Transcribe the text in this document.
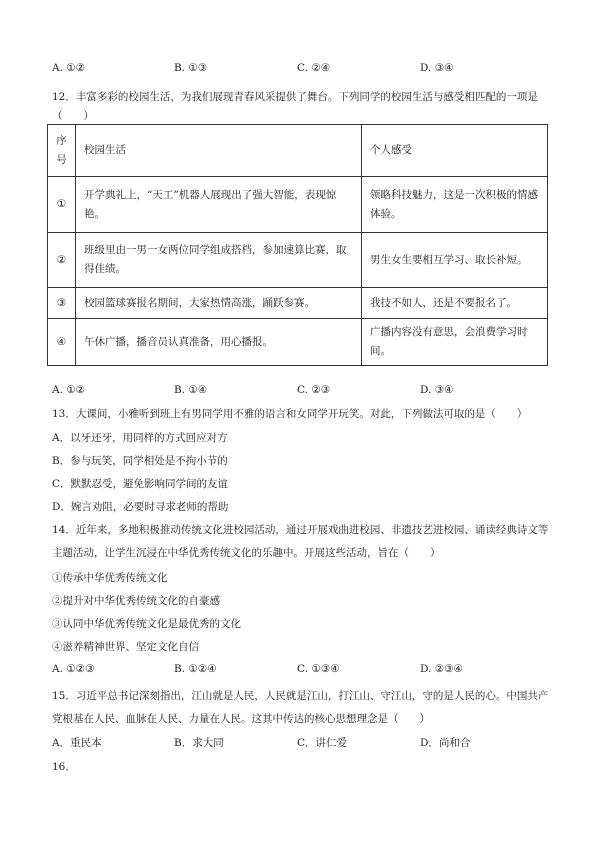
A. ①②	B. ①③	C. ②④	D. ③④
12．丰富多彩的校园生活，为我们展现青春风采提供了舞台。下列同学的校园生活与感受相匹配的一项是
（　　）
序号	校园生活	个人感受
①	开学典礼上，“天工”机器人展现出了强大智能，表现惊艳。	领略科技魅力，这是一次积极的情感体验。
②	班级里由一男一女两位同学组成搭档，参加速算比赛，取得佳绩。	男生女生要相互学习、取长补短。
③	校园篮球赛报名期间，大家热情高涨，踊跃参赛。	我技不如人，还是不要报名了。
④	午休广播，播音员认真准备，用心播报。	广播内容没有意思，会浪费学习时间。
A. ①②	B. ①④	C. ②③	D. ③④
13．大课间，小雅听到班上有男同学用不雅的语言和女同学开玩笑。对此，下列做法可取的是（　　）
A．以牙还牙，用同样的方式回应对方
B．参与玩笑，同学相处是不拘小节的
C．默默忍受，避免影响同学间的友谊
D．婉言劝阻，必要时寻求老师的帮助
14．近年来，多地积极推动传统文化进校园活动，通过开展戏曲进校园、非遗技艺进校园、诵读经典诗文等
主题活动，让学生沉浸在中华优秀传统文化的乐趣中。开展这些活动，旨在（　　）
①传承中华优秀传统文化
②提升对中华优秀传统文化的自豪感
③认同中华优秀传统文化是最优秀的文化
④滋养精神世界、坚定文化自信
A. ①②③	B. ①②④	C. ①③④	D. ②③④
15．习近平总书记深刻指出，江山就是人民，人民就是江山，打江山、守江山，守的是人民的心。中国共产
党根基在人民、血脉在人民、力量在人民。这其中传达的核心思想理念是（　　）
A．重民本	B．求大同	C．讲仁爱	D．尚和合
16．
